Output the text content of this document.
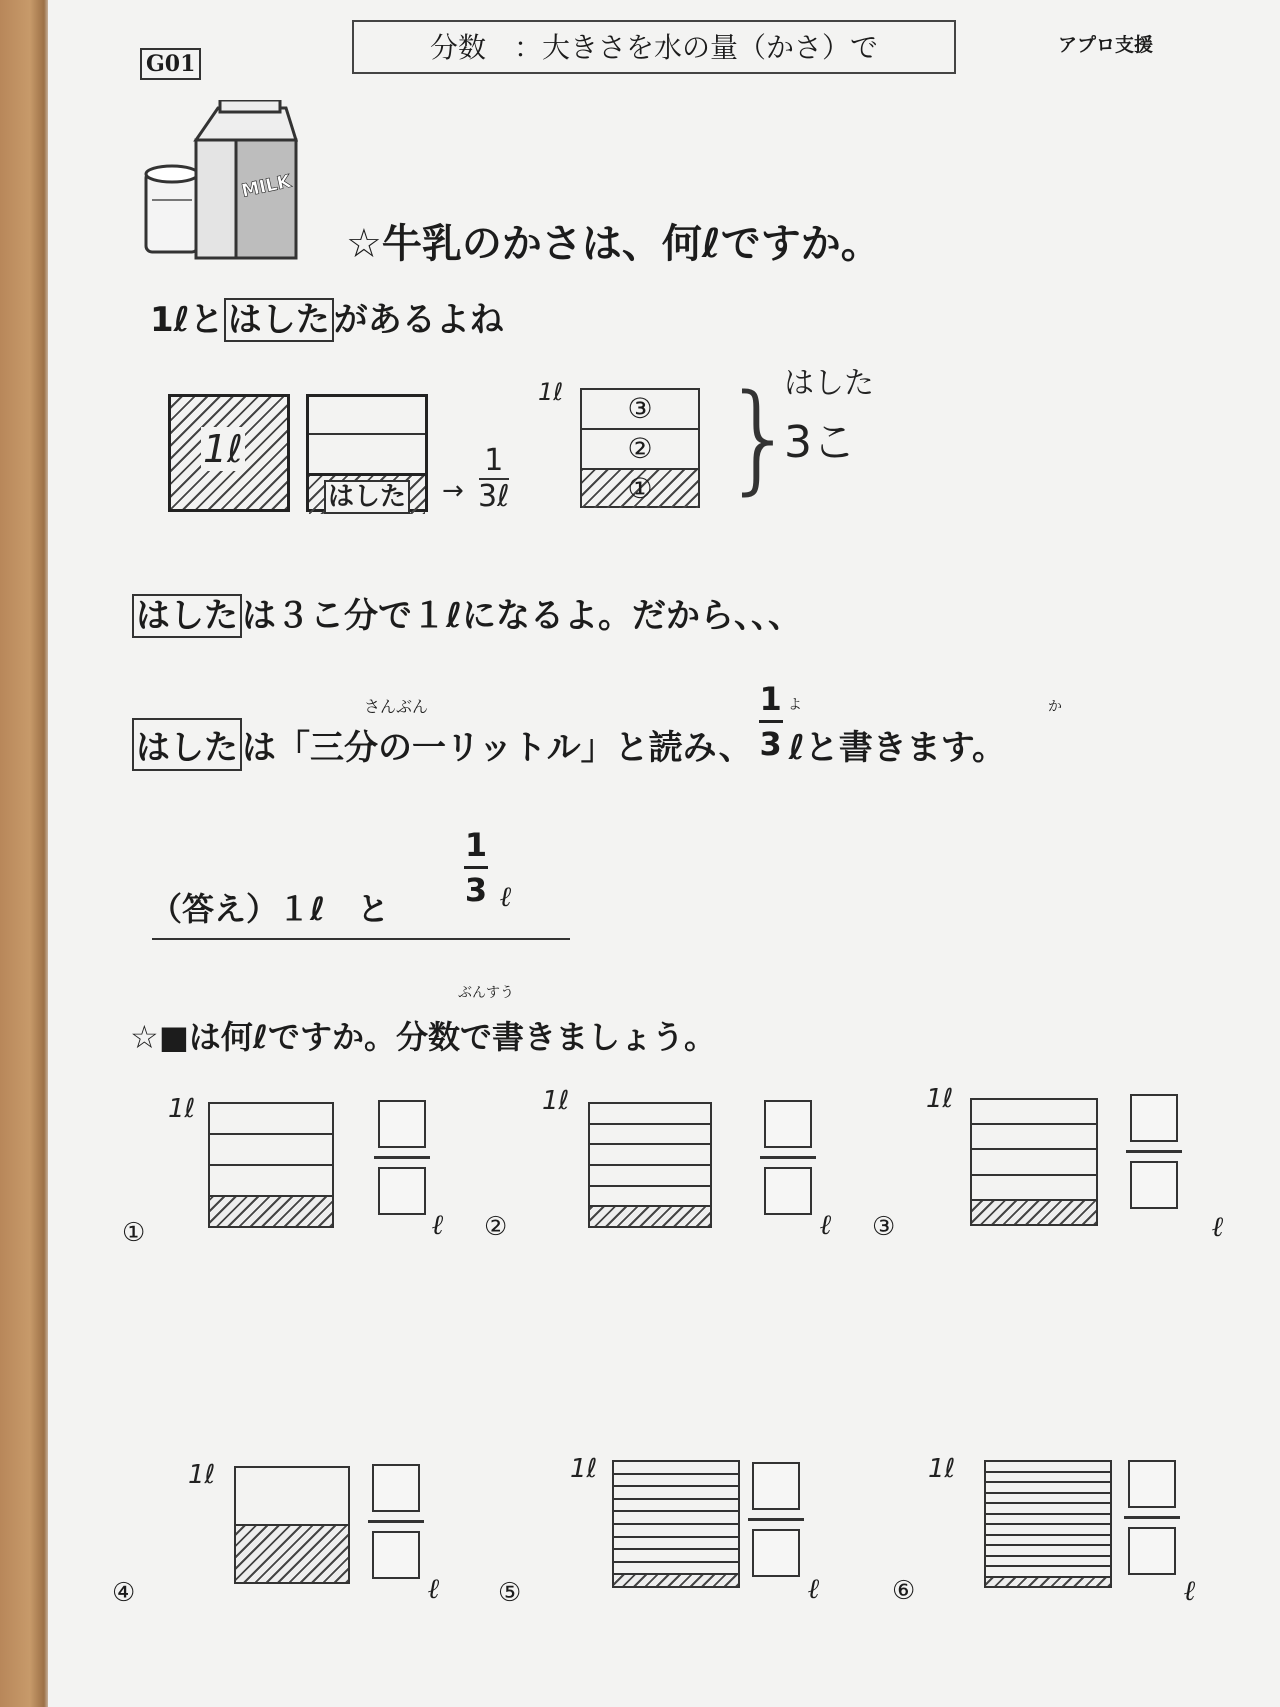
G01	分数　：大きさを水の量（かさ）で	アプロ支援
MILK
☆牛乳のかさは、何ℓですか。
1ℓと はした があるよね
1ℓ
はした	→
1
3ℓ
1ℓ	③
②
① }
はした
3こ
はした は３こ分で１ℓになるよ。だから、、、
さんぶん	よ	か
はした は「三分の一リットル」と読み、
1
3 ℓと書きます。
（答え）１ℓ　と $\frac{1}{3}$ ℓ
ぶんすう
☆■は何ℓですか。分数で書きましょう。
①
1ℓ
ℓ ②
1ℓ
ℓ ③
1ℓ
ℓ
④
1ℓ
ℓ ⑤
1ℓ
ℓ	⑥
1ℓ
ℓ
